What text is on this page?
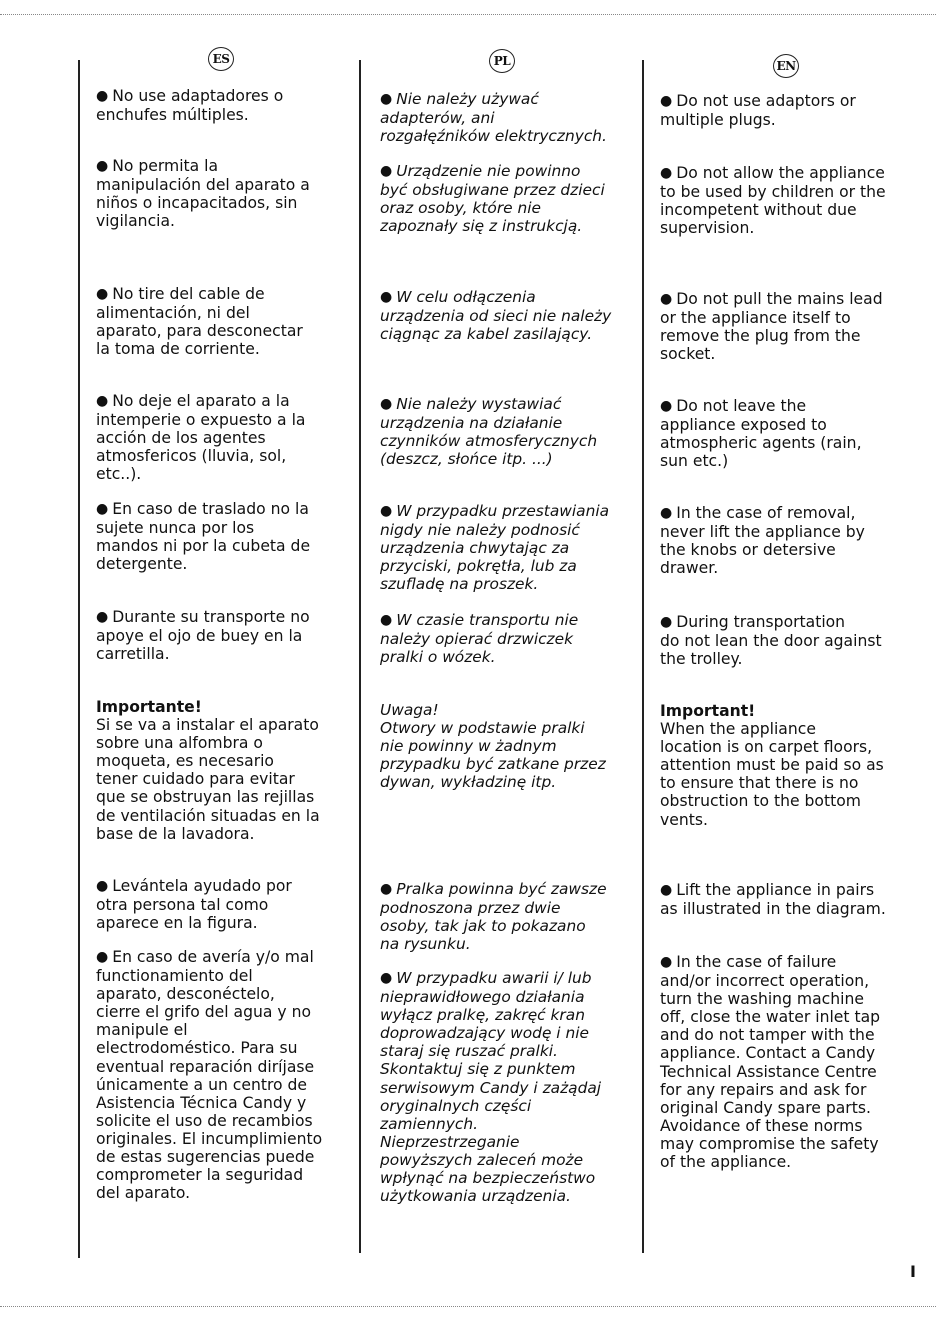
ES

● No use adaptadores o
enchufes múltiples.

● No permita la
manipulación del aparato a
niños o incapacitados, sin
vigilancia.

● No tire del cable de
alimentación, ni del
aparato, para desconectar
la toma de corriente.

● No deje el aparato a la
intemperie o expuesto a la
acción de los agentes
atmosfericos (lluvia, sol,
etc..).

● En caso de traslado no la
sujete nunca por los
mandos ni por la cubeta de
detergente.

● Durante su transporte no
apoye el ojo de buey en la
carretilla.

Importante!
Si se va a instalar el aparato
sobre una alfombra o
moqueta, es necesario
tener cuidado para evitar
que se obstruyan las rejillas
de ventilación situadas en la
base de la lavadora.

● Levántela ayudado por
otra persona tal como
aparece en la figura.

● En caso de avería y/o mal
functionamiento del
aparato, desconéctelo,
cierre el grifo del agua y no
manipule el
electrodoméstico. Para su
eventual reparación diríjase
únicamente a un centro de
Asistencia Técnica Candy y
solicite el uso de recambios
originales. El incumplimiento
de estas sugerencias puede
comprometer la seguridad
del aparato.

PL

● Nie należy używać
adapterów, ani
rozgałęźników elektrycznych.

● Urządzenie nie powinno
być obsługiwane przez dzieci
oraz osoby, które nie
zapoznały się z instrukcją.

● W celu odłączenia
urządzenia od sieci nie należy
ciągnąc za kabel zasilający.

● Nie należy wystawiać
urządzenia na działanie
czynników atmosferycznych
(deszcz, słońce itp. ...)

● W przypadku przestawiania
nigdy nie należy podnosić
urządzenia chwytając za
przyciski, pokrętła, lub za
szufladę na proszek.

● W czasie transportu nie
należy opierać drzwiczek
pralki o wózek.

Uwaga!
Otwory w podstawie pralki
nie powinny w żadnym
przypadku być zatkane przez
dywan, wykładzinę itp.

● Pralka powinna być zawsze
podnoszona przez dwie
osoby, tak jak to pokazano
na rysunku.

● W przypadku awarii i/ lub
nieprawidłowego działania
wyłącz pralkę, zakręć kran
doprowadzający wodę i nie
staraj się ruszać pralki.
Skontaktuj się z punktem
serwisowym Candy i zażądaj
oryginalnych części
zamiennych.
Nieprzestrzeganie
powyższych zaleceń może
wpłynąć na bezpieczeństwo
użytkowania urządzenia.

EN

● Do not use adaptors or
multiple plugs.

● Do not allow the appliance
to be used by children or the
incompetent without due
supervision.

● Do not pull the mains lead
or the appliance itself to
remove the plug from the
socket.

● Do not leave the
appliance exposed to
atmospheric agents (rain,
sun etc.)

● In the case of removal,
never lift the appliance by
the knobs or detersive
drawer.

● During transportation
do not lean the door against
the trolley.

Important!
When the appliance
location is on carpet floors,
attention must be paid so as
to ensure that there is no
obstruction to the bottom
vents.

● Lift the appliance in pairs
as illustrated in the diagram.

● In the case of failure
and/or incorrect operation,
turn the washing machine
off, close the water inlet tap
and do not tamper with the
appliance. Contact a Candy
Technical Assistance Centre
for any repairs and ask for
original Candy spare parts.
Avoidance of these norms
may compromise the safety
of the appliance.

I
